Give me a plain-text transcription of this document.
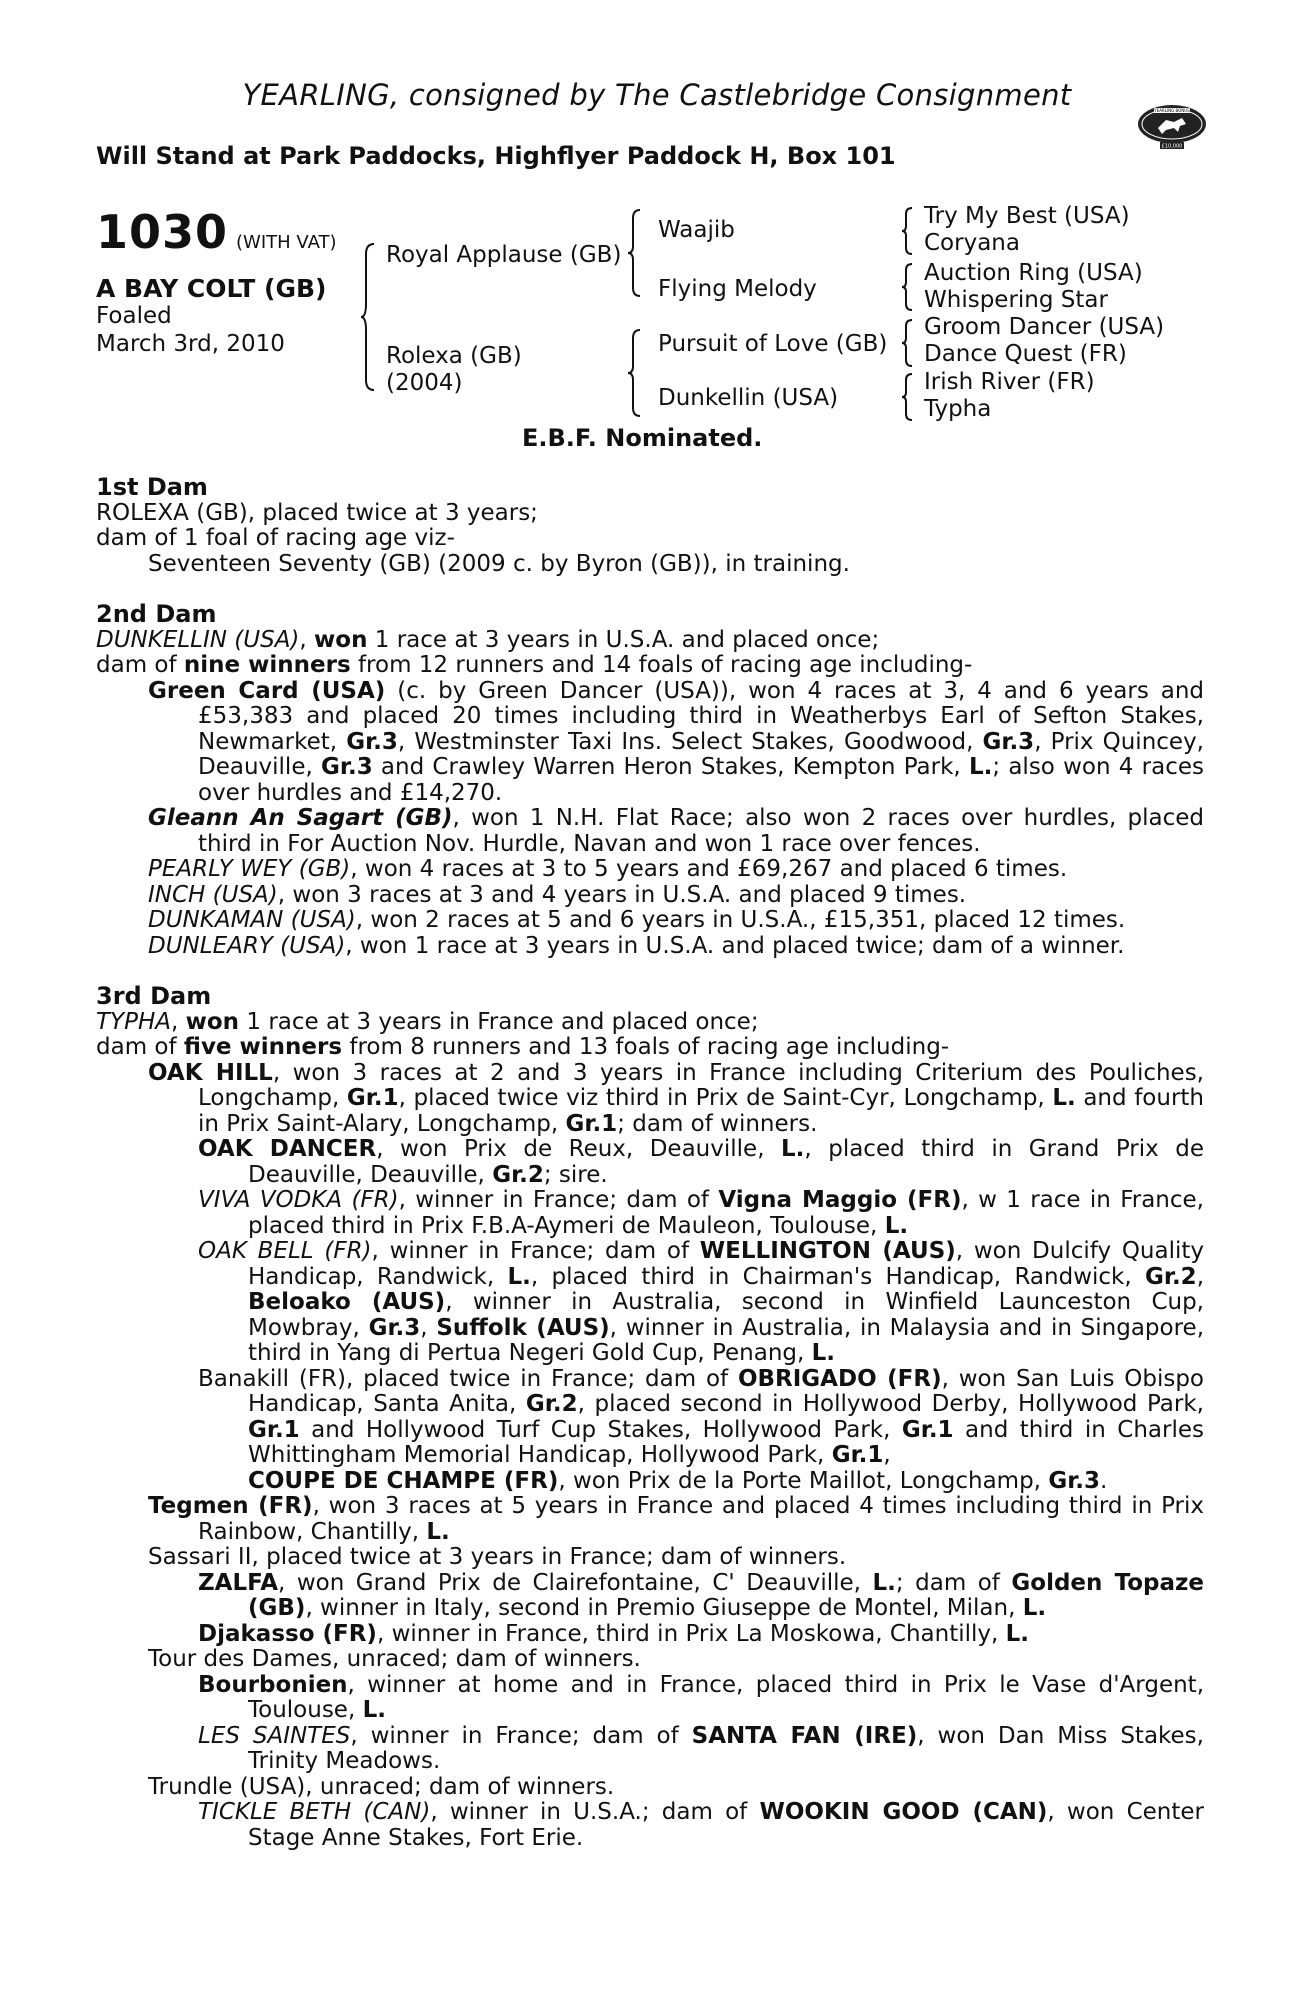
YEARLING, consigned by The Castlebridge Consignment
Will Stand at Park Paddocks, Highflyer Paddock H, Box 101
YEARLING BONUS
£10,000
1030 (WITH VAT)
A BAY COLT (GB)
Foaled
March 3rd, 2010
Royal Applause (GB)
Rolexa (GB)
(2004)
Waajib
Flying Melody
Pursuit of Love (GB)
Dunkellin (USA)
Try My Best (USA)
Coryana
Auction Ring (USA)
Whispering Star
Groom Dancer (USA)
Dance Quest (FR)
Irish River (FR)
Typha
E.B.F. Nominated.

1st Dam

ROLEXA (GB), placed twice at 3 years;

dam of 1 foal of racing age viz-

Seventeen Seventy (GB) (2009 c. by Byron (GB)), in training.

2nd Dam

DUNKELLIN (USA), won 1 race at 3 years in U.S.A. and placed once;

dam of nine winners from 12 runners and 14 foals of racing age including-

Green Card (USA) (c. by Green Dancer (USA)), won 4 races at 3, 4 and 6 years and £53,383 and placed 20 times including third in Weatherbys Earl of Sefton Stakes, Newmarket, Gr.3, Westminster Taxi Ins. Select Stakes, Goodwood, Gr.3, Prix Quincey, Deauville, Gr.3 and Crawley Warren Heron Stakes, Kempton Park, L.; also won 4 races over hurdles and £14,270.

Gleann An Sagart (GB), won 1 N.H. Flat Race; also won 2 races over hurdles, placed third in For Auction Nov. Hurdle, Navan and won 1 race over fences.

PEARLY WEY (GB), won 4 races at 3 to 5 years and £69,267 and placed 6 times.

INCH (USA), won 3 races at 3 and 4 years in U.S.A. and placed 9 times.

DUNKAMAN (USA), won 2 races at 5 and 6 years in U.S.A., £15,351, placed 12 times.

DUNLEARY (USA), won 1 race at 3 years in U.S.A. and placed twice; dam of a winner.

3rd Dam

TYPHA, won 1 race at 3 years in France and placed once;

dam of five winners from 8 runners and 13 foals of racing age including-

OAK HILL, won 3 races at 2 and 3 years in France including Criterium des Pouliches, Longchamp, Gr.1, placed twice viz third in Prix de Saint-Cyr, Longchamp, L. and fourth in Prix Saint-Alary, Longchamp, Gr.1; dam of winners.

OAK DANCER, won Prix de Reux, Deauville, L., placed third in Grand Prix de Deauville, Deauville, Gr.2; sire.

VIVA VODKA (FR), winner in France; dam of Vigna Maggio (FR), w 1 race in France, placed third in Prix F.B.A-Aymeri de Mauleon, Toulouse, L.

OAK BELL (FR), winner in France; dam of WELLINGTON (AUS), won Dulcify Quality Handicap, Randwick, L., placed third in Chairman's Handicap, Randwick, Gr.2, Beloako (AUS), winner in Australia, second in Winfield Launceston Cup, Mowbray, Gr.3, Suffolk (AUS), winner in Australia, in Malaysia and in Singapore, third in Yang di Pertua Negeri Gold Cup, Penang, L.

Banakill (FR), placed twice in France; dam of OBRIGADO (FR), won San Luis Obispo Handicap, Santa Anita, Gr.2, placed second in Hollywood Derby, Hollywood Park, Gr.1 and Hollywood Turf Cup Stakes, Hollywood Park, Gr.1 and third in Charles Whittingham Memorial Handicap, Hollywood Park, Gr.1,
COUPE DE CHAMPE (FR), won Prix de la Porte Maillot, Longchamp, Gr.3.

Tegmen (FR), won 3 races at 5 years in France and placed 4 times including third in Prix Rainbow, Chantilly, L.

Sassari II, placed twice at 3 years in France; dam of winners.

ZALFA, won Grand Prix de Clairefontaine, C' Deauville, L.; dam of Golden Topaze (GB), winner in Italy, second in Premio Giuseppe de Montel, Milan, L.

Djakasso (FR), winner in France, third in Prix La Moskowa, Chantilly, L.

Tour des Dames, unraced; dam of winners.

Bourbonien, winner at home and in France, placed third in Prix le Vase d'Argent, Toulouse, L.

LES SAINTES, winner in France; dam of SANTA FAN (IRE), won Dan Miss Stakes, Trinity Meadows.

Trundle (USA), unraced; dam of winners.

TICKLE BETH (CAN), winner in U.S.A.; dam of WOOKIN GOOD (CAN), won Center Stage Anne Stakes, Fort Erie.
